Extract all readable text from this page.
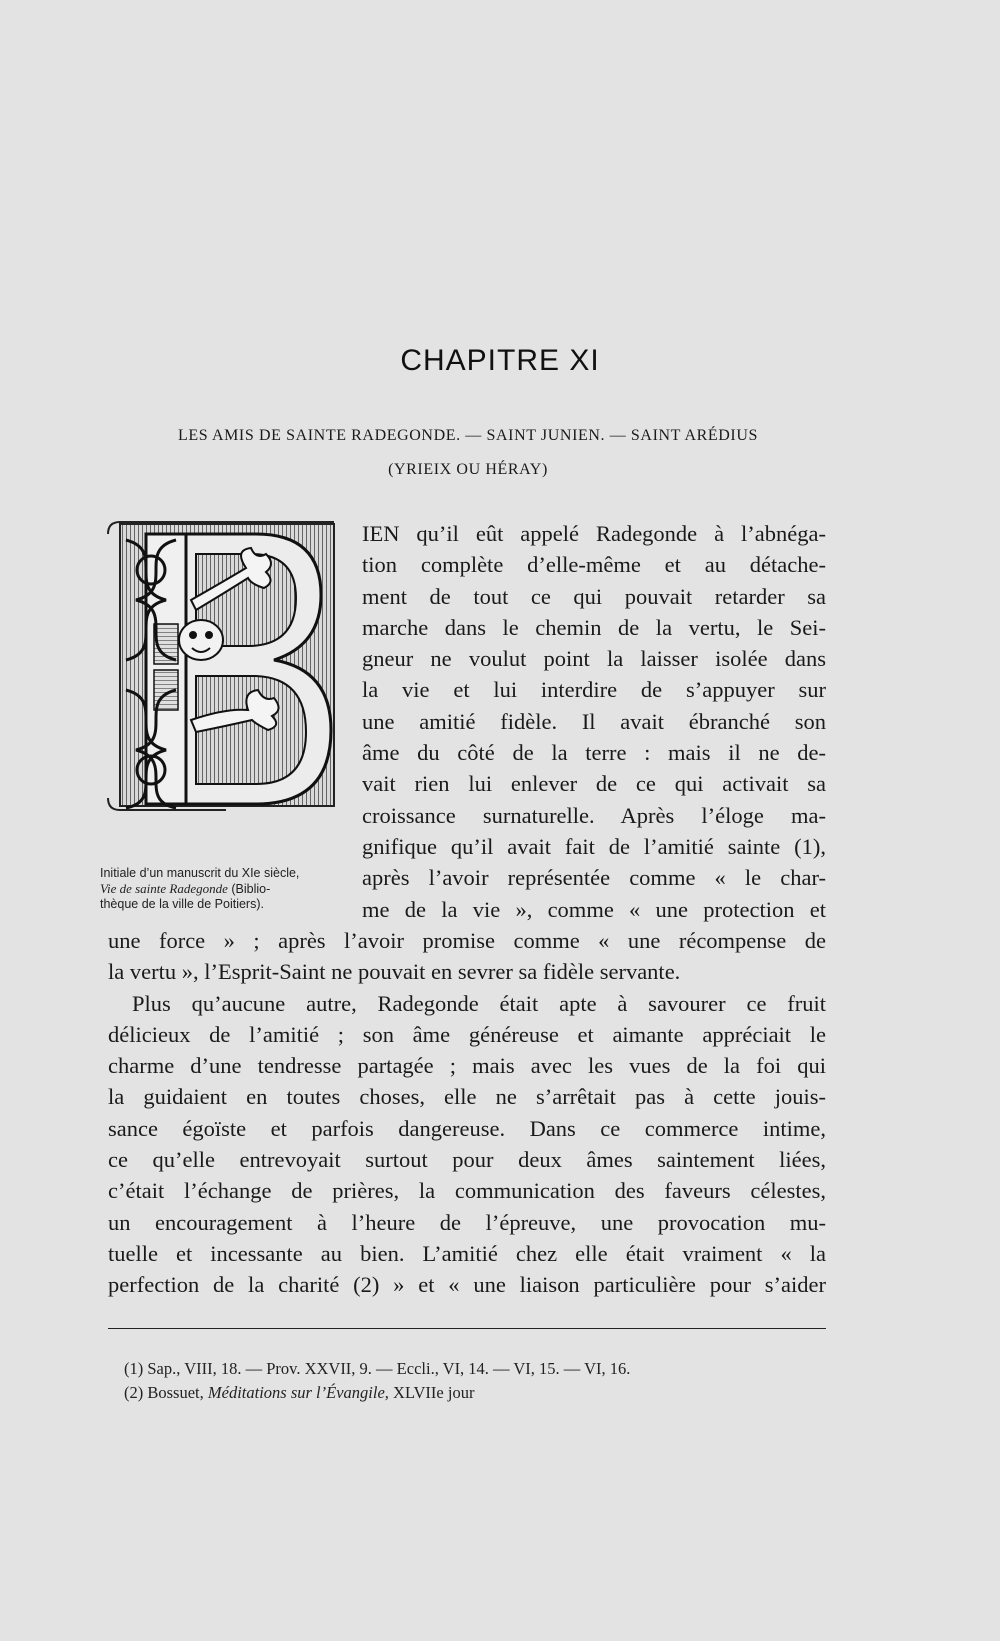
CHAPITRE XI
LES AMIS DE SAINTE RADEGONDE. — SAINT JUNIEN. — SAINT ARÉDIUS
(YRIEIX OU HÉRAY)
Initiale d’un manuscrit du XIe siècle,
Vie de sainte Radegonde (Biblio-
thèque de la ville de Poitiers).
IEN qu’il eût appelé Radegonde à l’abnéga-
tion complète d’elle-même et au détache-
ment de tout ce qui pouvait retarder sa
marche dans le chemin de la vertu, le Sei-
gneur ne voulut point la laisser isolée dans
la vie et lui interdire de s’appuyer sur
une amitié fidèle. Il avait ébranché son
âme du côté de la terre : mais il ne de-
vait rien lui enlever de ce qui activait sa
croissance surnaturelle. Après l’éloge ma-
gnifique qu’il avait fait de l’amitié sainte (1),
après l’avoir représentée comme « le char-
me de la vie », comme « une protection et
une force » ; après l’avoir promise comme « une récompense de
la vertu », l’Esprit-Saint ne pouvait en sevrer sa fidèle servante.
Plus qu’aucune autre, Radegonde était apte à savourer ce fruit
délicieux de l’amitié ; son âme généreuse et aimante appréciait le
charme d’une tendresse partagée ; mais avec les vues de la foi qui
la guidaient en toutes choses, elle ne s’arrêtait pas à cette jouis-
sance égoïste et parfois dangereuse. Dans ce commerce intime,
ce qu’elle entrevoyait surtout pour deux âmes saintement liées,
c’était l’échange de prières, la communication des faveurs célestes,
un encouragement à l’heure de l’épreuve, une provocation mu-
tuelle et incessante au bien. L’amitié chez elle était vraiment « la
perfection de la charité (2) » et « une liaison particulière pour s’aider
(1) Sap., VIII, 18. — Prov. XXVII, 9. — Eccli., VI, 14. — VI, 15. — VI, 16.
(2) Bossuet, Méditations sur l’Évangile, XLVIIe jour
